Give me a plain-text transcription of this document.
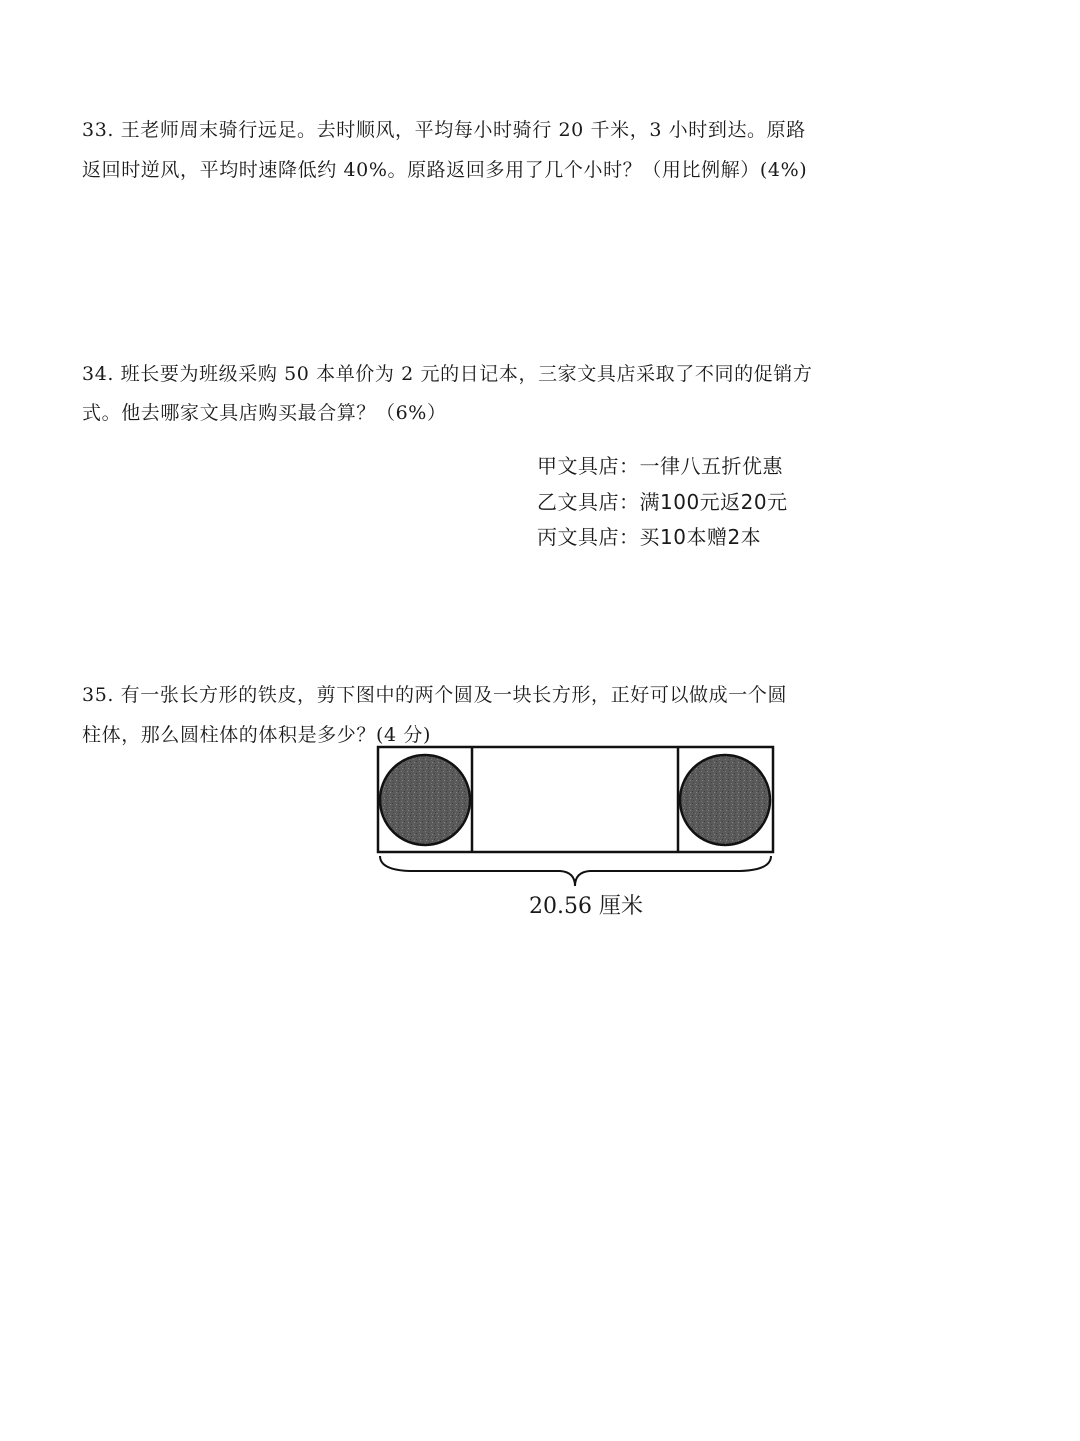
33. 王老师周末骑行远足。去时顺风，平均每小时骑行 20 千米，3 小时到达。原路
返回时逆风，平均时速降低约 40%。原路返回多用了几个小时？（用比例解）(4%)
34. 班长要为班级采购 50 本单价为 2 元的日记本，三家文具店采取了不同的促销方
式。他去哪家文具店购买最合算？（6%）
甲文具店：一律八五折优惠
乙文具店：满100元返20元
丙文具店：买10本赠2本
35. 有一张长方形的铁皮，剪下图中的两个圆及一块长方形，正好可以做成一个圆
柱体，那么圆柱体的体积是多少？(4 分)
20.56 厘米
